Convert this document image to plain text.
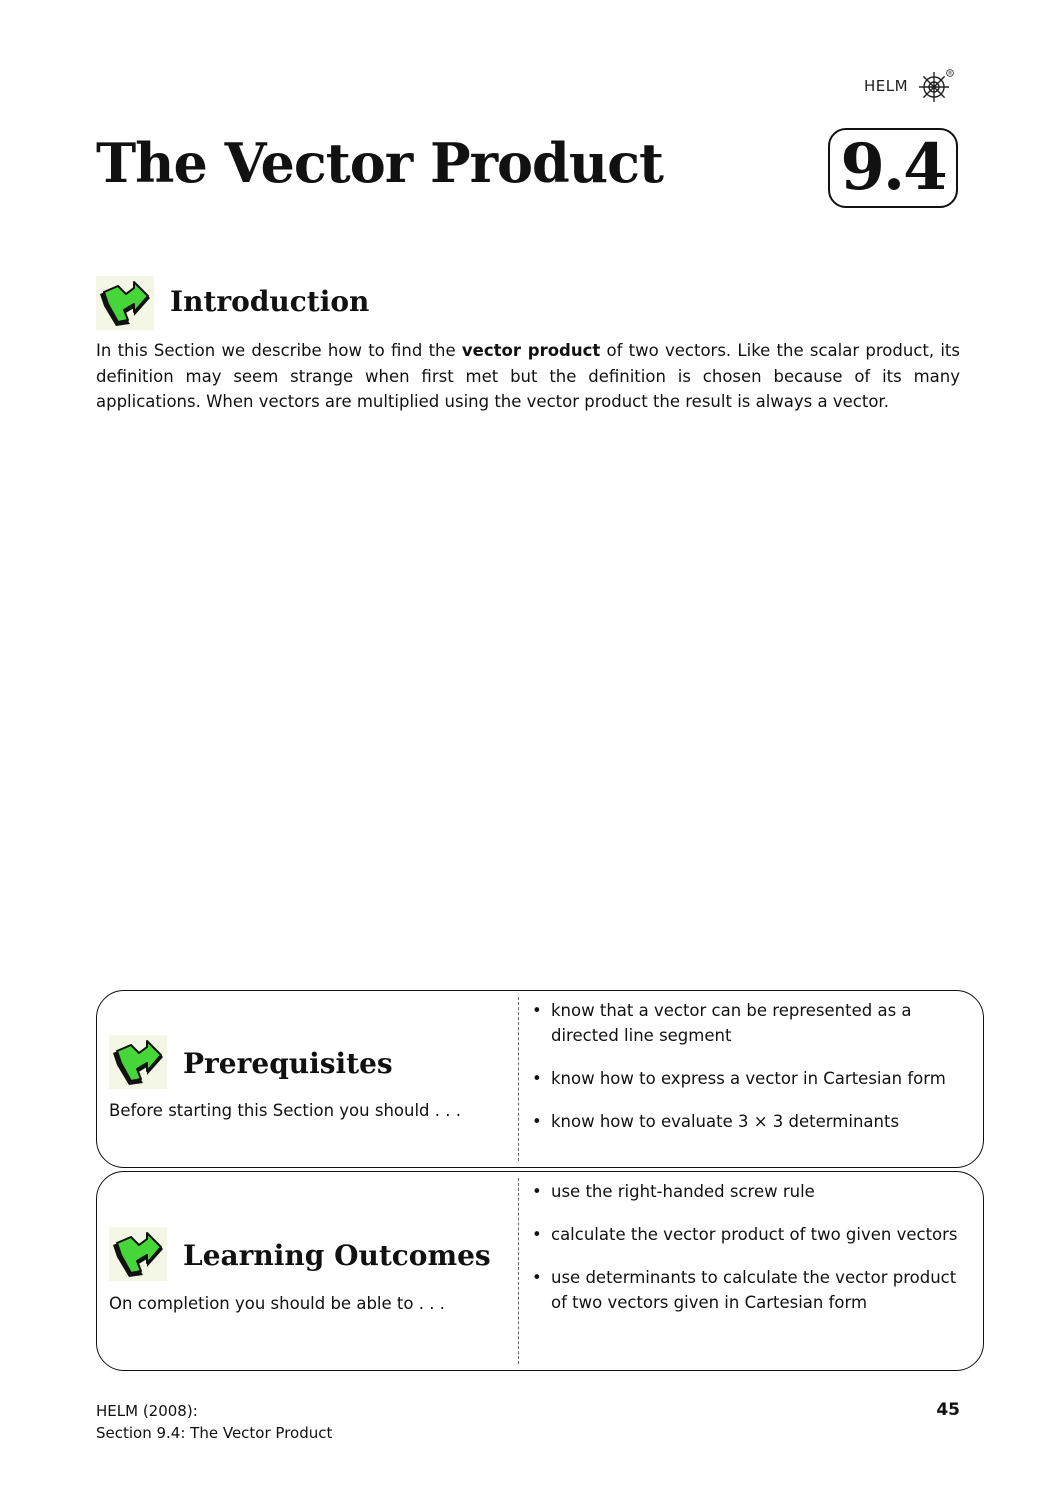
HELM
®
The Vector Product	9.4
Introduction

In this Section we describe how to find the vector product of two vectors. Like the scalar product, its definition may seem strange when first met but the definition is chosen because of its many applications. When vectors are multiplied using the vector product the result is always a vector.

Prerequisites
Before starting this Section you should . . .
• know that a vector can be represented as a directed line segment
• know how to express a vector in Cartesian form
• know how to evaluate 3 × 3 determinants
Learning Outcomes
On completion you should be able to . . .
• use the right-handed screw rule
• calculate the vector product of two given vectors
• use determinants to calculate the vector product of two vectors given in Cartesian form
HELM (2008):
Section 9.4: The Vector Product
45
